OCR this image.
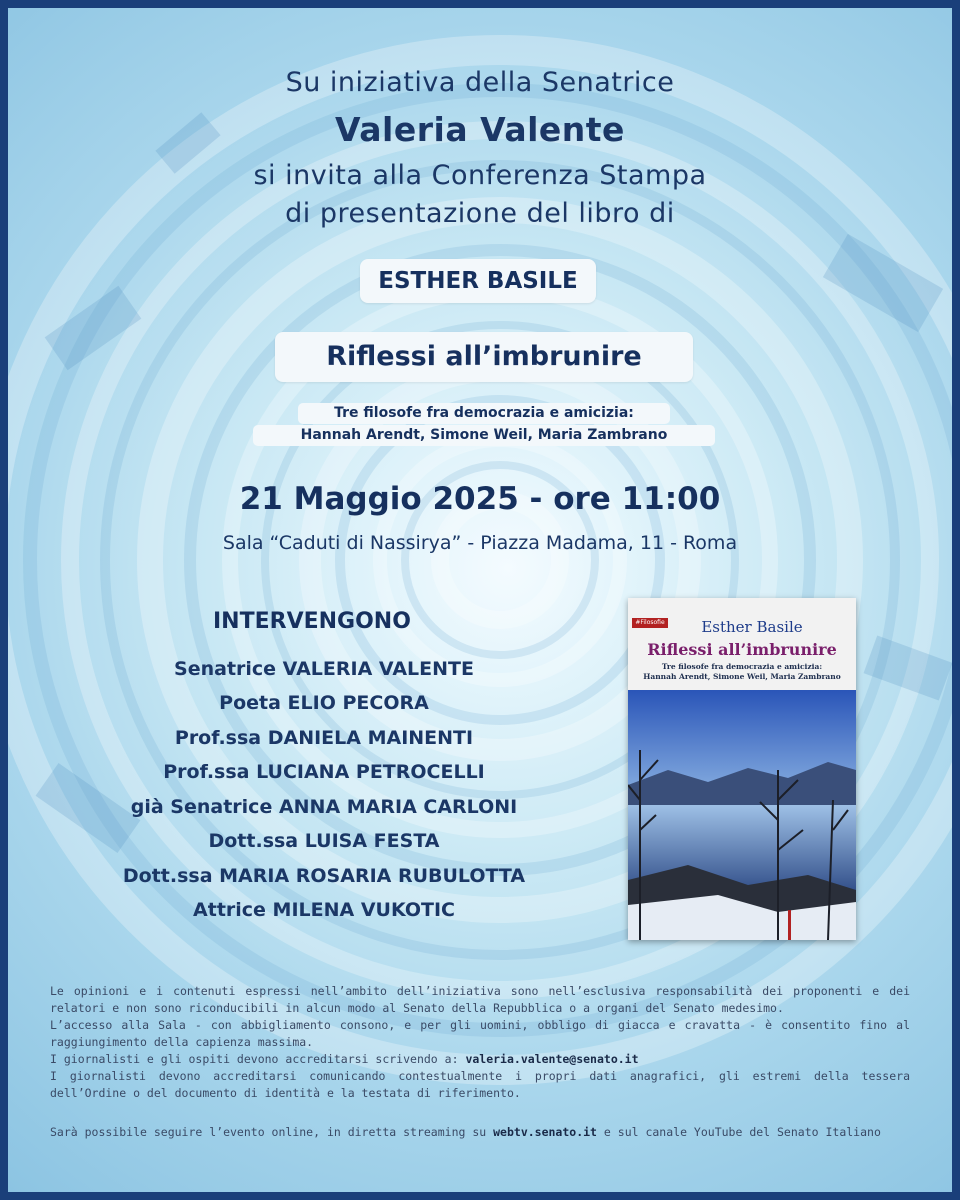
Su iniziativa della Senatrice

Valeria Valente

si invita alla Conferenza Stampa

di presentazione del libro di

ESTHER BASILE
Riflessi all’imbrunire
Tre filosofe fra democrazia e amicizia:
Hannah Arendt, Simone Weil, Maria Zambrano

21 Maggio 2025 - ore 11:00

Sala “Caduti di Nassirya” - Piazza Madama, 11 - Roma

INTERVENGONO
Senatrice VALERIA VALENTE
Poeta ELIO PECORA
Prof.ssa DANIELA MAINENTI
Prof.ssa LUCIANA PETROCELLI
già Senatrice ANNA MARIA CARLONI
Dott.ssa LUISA FESTA
Dott.ssa MARIA ROSARIA RUBULOTTA
Attrice MILENA VUKOTIC
#Filosofie	Esther Basile
Riflessi all’imbrunire
Tre filosofe fra democrazia e amicizia:
Hannah Arendt, Simone Weil, Maria Zambrano

Le opinioni e i contenuti espressi nell’ambito dell’iniziativa sono nell’esclusiva responsabilità dei proponenti e dei relatori e non sono riconducibili in alcun modo al Senato della Repubblica o a organi del Senato medesimo.

L’accesso alla Sala - con abbigliamento consono, e per gli uomini, obbligo di giacca e cravatta - è consentito fino al raggiungimento della capienza massima.

I giornalisti e gli ospiti devono accreditarsi scrivendo a: valeria.valente@senato.it

I giornalisti devono accreditarsi comunicando contestualmente i propri dati anagrafici, gli estremi della tessera dell’Ordine o del documento di identità e la testata di riferimento.

Sarà possibile seguire l’evento online, in diretta streaming su webtv.senato.it e sul canale YouTube del Senato Italiano
